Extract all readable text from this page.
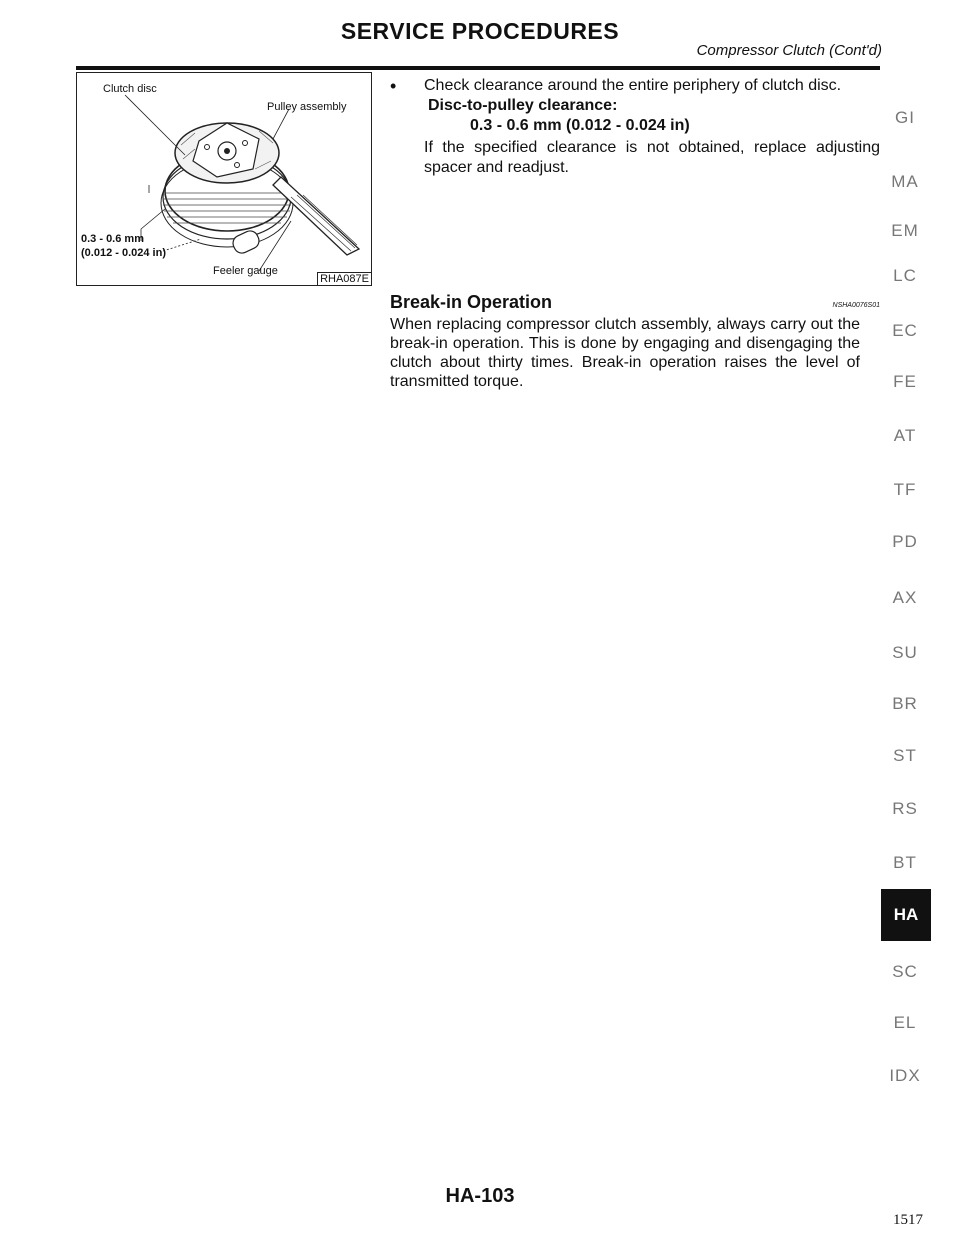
SERVICE PROCEDURES
Compressor Clutch (Cont'd)
Clutch disc
Pulley assembly
0.3 - 0.6 mm
(0.012 - 0.024 in)
Feeler gauge
RHA087E
• Check clearance around the entire periphery of clutch disc.
Disc-to-pulley clearance:
0.3 - 0.6 mm (0.012 - 0.024 in)
If the specified clearance is not obtained, replace adjusting spacer and readjust.
Break-in Operation	NSHA0076S01
When replacing compressor clutch assembly, always carry out the break-in operation. This is done by engaging and disengaging the clutch about thirty times. Break-in operation raises the level of transmitted torque.
GI
MA
EM
LC
EC
FE
AT
TF
PD
AX
SU
BR
ST
RS
BT
HA
SC
EL
IDX
HA-103
1517
